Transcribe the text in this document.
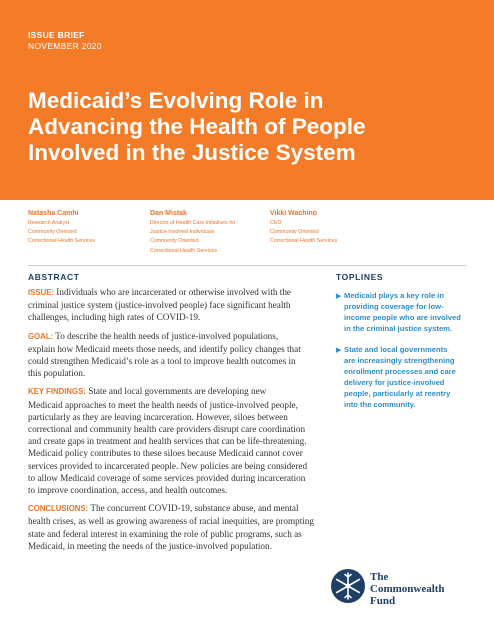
ISSUE BRIEF
NOVEMBER 2020
Medicaid’s Evolving Role in
Advancing the Health of People
Involved in the Justice System
Natasha Camhi
Research Analyst
Community Oriented
Correctional Health Services
Dan Mistak
Director of Health Care Initiatives for
Justice-Involved Individuals
Community Oriented
Correctional Health Services
Vikki Wachino
CEO
Community Oriented
Correctional Health Services
ABSTRACT	TOPLINES
ISSUE: Individuals who are incarcerated or otherwise involved with the
criminal justice system (justice-involved people) face significant health
challenges, including high rates of COVID-19.
GOAL: To describe the health needs of justice-involved populations,
explain how Medicaid meets those needs, and identify policy changes that
could strengthen Medicaid’s role as a tool to improve health outcomes in
this population.
KEY FINDINGS: State and local governments are developing new
Medicaid approaches to meet the health needs of justice-involved people,
particularly as they are leaving incarceration. However, siloes between
correctional and community health care providers disrupt care coordination
and create gaps in treatment and health services that can be life-threatening.
Medicaid policy contributes to these siloes because Medicaid cannot cover
services provided to incarcerated people. New policies are being considered
to allow Medicaid coverage of some services provided during incarceration
to improve coordination, access, and health outcomes.
CONCLUSIONS: The concurrent COVID-19, substance abuse, and mental
health crises, as well as growing awareness of racial inequities, are prompting
state and federal interest in examining the role of public programs, such as
Medicaid, in meeting the needs of the justice-involved population.
▶ Medicaid plays a key role in
providing coverage for low-
income people who are involved
in the criminal justice system.
▶ State and local governments
are increasingly strengthening
enrollment processes and care
delivery for justice-involved
people, particularly at reentry
into the community.
The
Commonwealth
Fund
